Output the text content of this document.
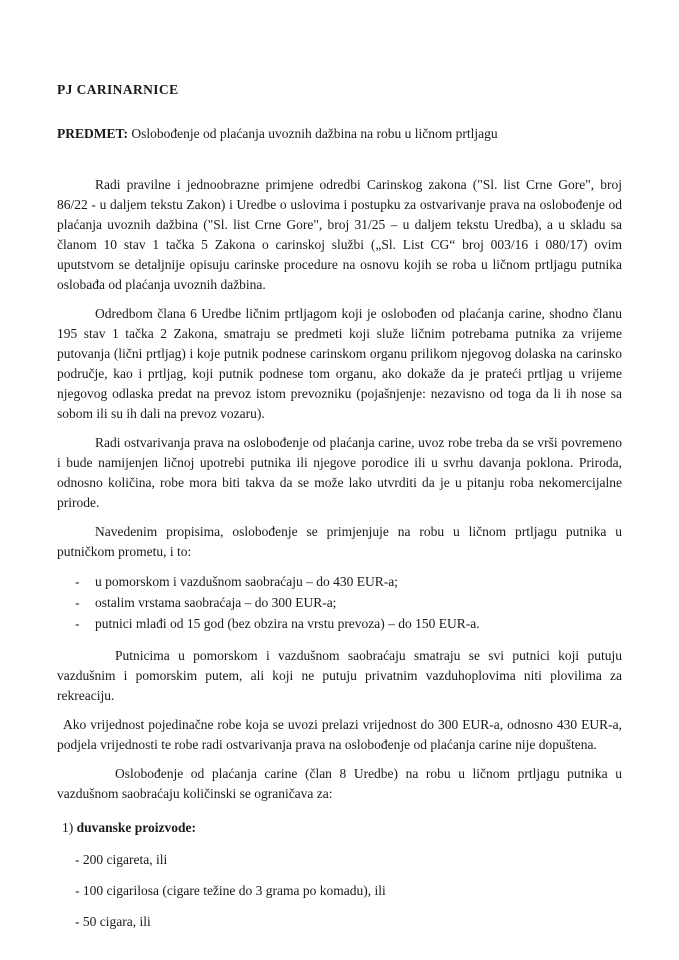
PJ CARINARNICE

PREDMET: Oslobođenje od plaćanja uvoznih dažbina na robu u ličnom prtljagu

Radi pravilne i jednoobrazne primjene odredbi Carinskog zakona ("Sl. list Crne Gore", broj 86/22 - u daljem tekstu Zakon) i Uredbe o uslovima i postupku za ostvarivanje prava na oslobođenje od plaćanja uvoznih dažbina ("Sl. list Crne Gore", broj 31/25 – u daljem tekstu Uredba), a u skladu sa članom 10 stav 1 tačka 5 Zakona o carinskoj službi („Sl. List CG“ broj 003/16 i 080/17) ovim uputstvom se detaljnije opisuju carinske procedure na osnovu kojih se roba u ličnom prtljagu putnika oslobađa od plaćanja uvoznih dažbina.

Odredbom člana 6 Uredbe ličnim prtljagom koji je oslobođen od plaćanja carine, shodno članu 195 stav 1 tačka 2 Zakona, smatraju se predmeti koji služe ličnim potrebama putnika za vrijeme putovanja (lični prtljag) i koje putnik podnese carinskom organu prilikom njegovog dolaska na carinsko područje, kao i prtljag, koji putnik podnese tom organu, ako dokaže da je prateći prtljag u vrijeme njegovog odlaska predat na prevoz istom prevozniku (pojašnjenje: nezavisno od toga da li ih nose sa sobom ili su ih dali na prevoz vozaru).

Radi ostvarivanja prava na oslobođenje od plaćanja carine, uvoz robe treba da se vrši povremeno i bude namijenjen ličnoj upotrebi putnika ili njegove porodice ili u svrhu davanja poklona. Priroda, odnosno količina, robe mora biti takva da se može lako utvrditi da je u pitanju roba nekomercijalne prirode.

Navedenim propisima, oslobođenje se primjenjuje na robu u ličnom prtljagu putnika u putničkom prometu, i to:

-	u pomorskom i vazdušnom saobraćaju – do 430 EUR-a;
-	ostalim vrstama saobraćaja – do 300 EUR-a;
-	putnici mlađi od 15 god (bez obzira na vrstu prevoza) – do 150 EUR-a.

Putnicima u pomorskom i vazdušnom saobraćaju smatraju se svi putnici koji putuju vazdušnim i pomorskim putem, ali koji ne putuju privatnim vazduhoplovima niti plovilima za rekreaciju.

Ako vrijednost pojedinačne robe koja se uvozi prelazi vrijednost do 300 EUR-a, odnosno 430 EUR-a, podjela vrijednosti te robe radi ostvarivanja prava na oslobođenje od plaćanja carine nije dopuštena.

Oslobođenje od plaćanja carine (član 8 Uredbe) na robu u ličnom prtljagu putnika u vazdušnom saobraćaju količinski se ograničava za:

1) duvanske proizvode:

- 200 cigareta, ili

- 100 cigarilosa (cigare težine do 3 grama po komadu), ili

- 50 cigara, ili
